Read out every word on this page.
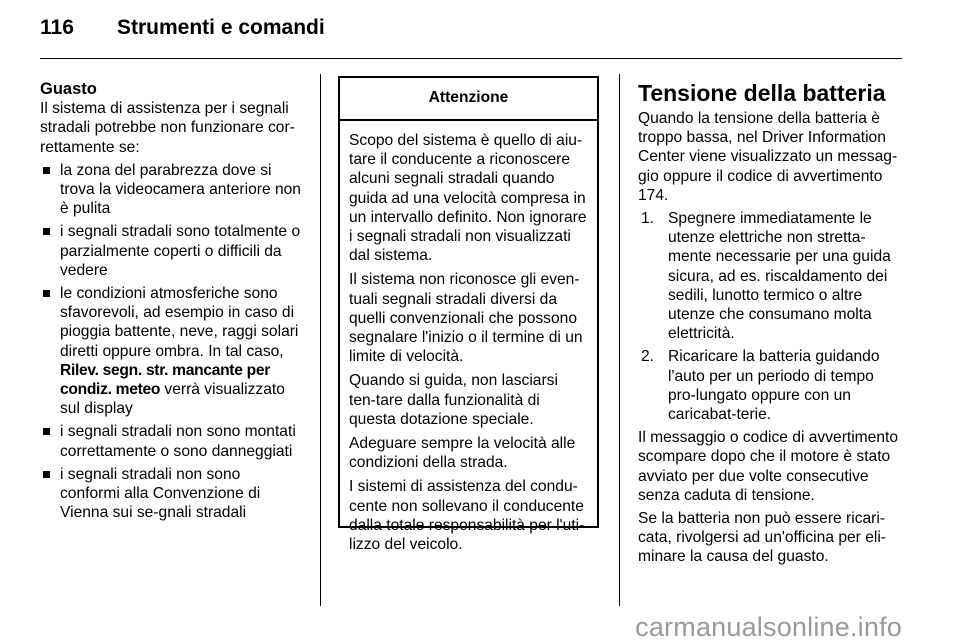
116 Strumenti e comandi
Guasto

Il sistema di assistenza per i segnali stradali potrebbe non funzionare cor-rettamente se:

la zona del parabrezza dove si trova la videocamera anteriore non è pulita
i segnali stradali sono totalmente o parzialmente coperti o difficili da vedere
le condizioni atmosferiche sono sfavorevoli, ad esempio in caso di pioggia battente, neve, raggi solari diretti oppure ombra. In tal caso, Rilev. segn. str. mancante per condiz. meteo verrà visualizzato sul display
i segnali stradali non sono montati correttamente o sono danneggiati
i segnali stradali non sono conformi alla Convenzione di Vienna sui se-gnali stradali
Attenzione

Scopo del sistema è quello di aiu-tare il conducente a riconoscere alcuni segnali stradali quando guida ad una velocità compresa in un intervallo definito. Non ignorare i segnali stradali non visualizzati dal sistema.

Il sistema non riconosce gli even-tuali segnali stradali diversi da quelli convenzionali che possono segnalare l'inizio o il termine di un limite di velocità.

Quando si guida, non lasciarsi ten-tare dalla funzionalità di questa dotazione speciale.

Adeguare sempre la velocità alle condizioni della strada.

I sistemi di assistenza del condu-cente non sollevano il conducente dalla totale responsabilità per l'uti-lizzo del veicolo.

Tensione della batteria

Quando la tensione della batteria è troppo bassa, nel Driver Information Center viene visualizzato un messag-gio oppure il codice di avvertimento 174.

1. Spegnere immediatamente le utenze elettriche non stretta-mente necessarie per una guida sicura, ad es. riscaldamento dei sedili, lunotto termico o altre utenze che consumano molta elettricità.
2. Ricaricare la batteria guidando l'auto per un periodo di tempo pro-lungato oppure con un caricabat-terie.

Il messaggio o codice di avvertimento scompare dopo che il motore è stato avviato per due volte consecutive senza caduta di tensione.

Se la batteria non può essere ricari-cata, rivolgersi ad un'officina per eli-minare la causa del guasto.

carmanualsonline.info
